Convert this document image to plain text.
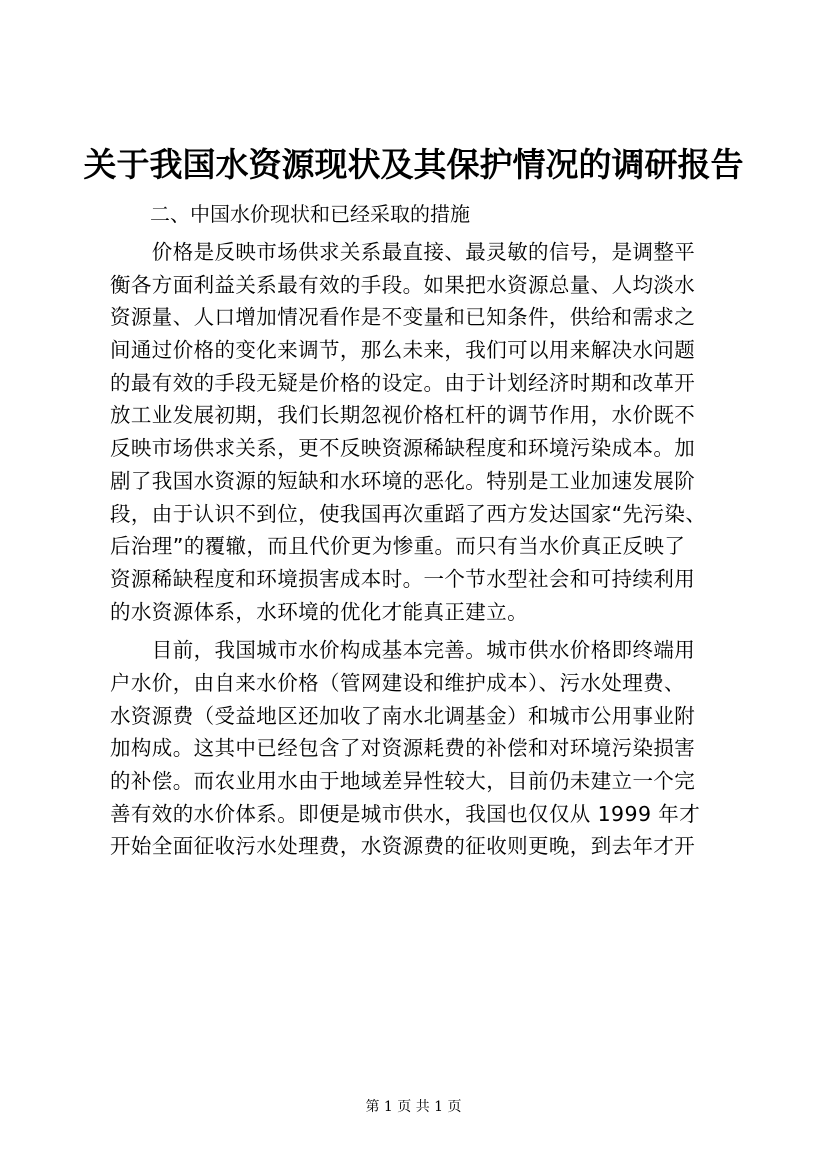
关于我国水资源现状及其保护情况的调研报告
二、中国水价现状和已经采取的措施
　　价格是反映市场供求关系最直接、最灵敏的信号，是调整平
衡各方面利益关系最有效的手段。如果把水资源总量、人均淡水
资源量、人口增加情况看作是不变量和已知条件，供给和需求之
间通过价格的变化来调节，那么未来，我们可以用来解决水问题
的最有效的手段无疑是价格的设定。由于计划经济时期和改革开
放工业发展初期，我们长期忽视价格杠杆的调节作用，水价既不
反映市场供求关系，更不反映资源稀缺程度和环境污染成本。加
剧了我国水资源的短缺和水环境的恶化。特别是工业加速发展阶
段，由于认识不到位，使我国再次重蹈了西方发达国家“先污染、
后治理”的覆辙，而且代价更为惨重。而只有当水价真正反映了
资源稀缺程度和环境损害成本时。一个节水型社会和可持续利用
的水资源体系，水环境的优化才能真正建立。
　　目前，我国城市水价构成基本完善。城市供水价格即终端用
户水价，由自来水价格（管网建设和维护成本）、污水处理费、
水资源费（受益地区还加收了南水北调基金）和城市公用事业附
加构成。这其中已经包含了对资源耗费的补偿和对环境污染损害
的补偿。而农业用水由于地域差异性较大，目前仍未建立一个完
善有效的水价体系。即便是城市供水，我国也仅仅从 1999 年才
开始全面征收污水处理费，水资源费的征收则更晚，到去年才开
第 1 页 共 1 页
